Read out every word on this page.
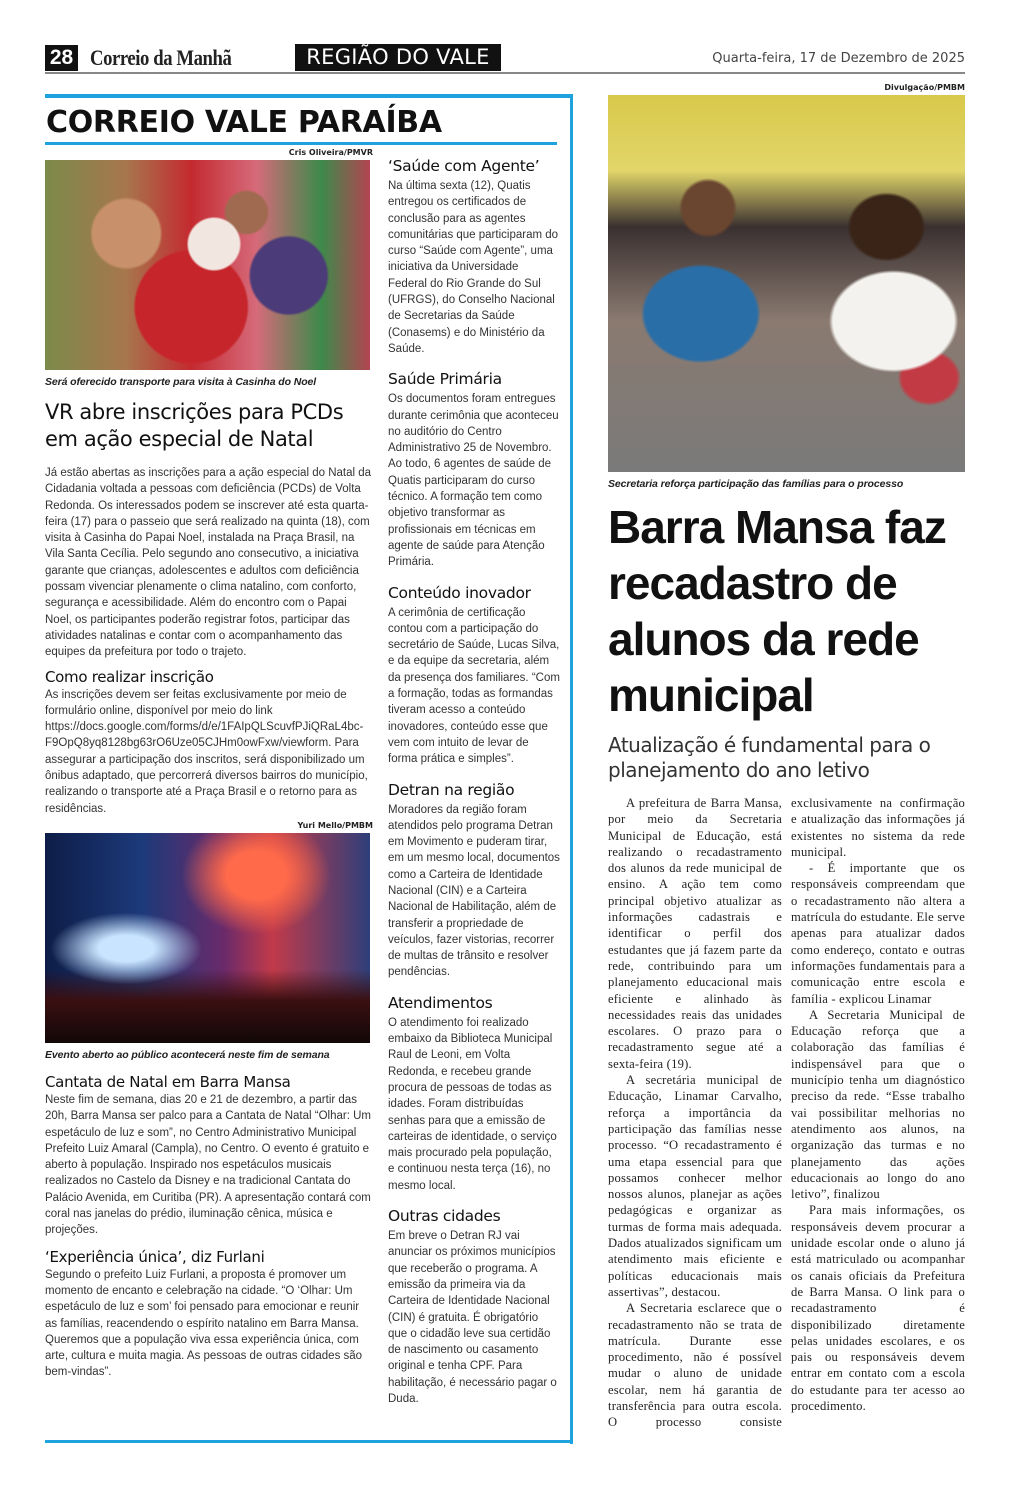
28 Correio da Manhã	REGIÃO DO VALE	Quarta-feira, 17 de Dezembro de 2025
CORREIO VALE PARAÍBA
Cris Oliveira/PMVR
Será oferecido transporte para visita à Casinha do Noel
VR abre inscrições para PCDs em ação especial de Natal

Já estão abertas as inscrições para a ação especial do Natal da Cidadania voltada a pessoas com deficiência (PCDs) de Volta Redonda. Os interessados podem se inscrever até esta quarta-feira (17) para o passeio que será realizado na quinta (18), com visita à Casinha do Papai Noel, instalada na Praça Brasil, na Vila Santa Cecília. Pelo segundo ano consecutivo, a iniciativa garante que crianças, adolescentes e adultos com deficiência possam vivenciar plenamente o clima natalino, com conforto, segurança e acessibilidade. Além do encontro com o Papai Noel, os participantes poderão registrar fotos, participar das atividades natalinas e contar com o acompanhamento das equipes da prefeitura por todo o trajeto.

Como realizar inscrição

As inscrições devem ser feitas exclusivamente por meio de formulário online, disponível por meio do link https://docs.google.com/forms/d/e/1FAIpQLScuvfPJiQRaL4bc-F9OpQ8yq8128bg63rO6Uze05CJHm0owFxw/viewform. Para assegurar a participação dos inscritos, será disponibilizado um ônibus adaptado, que percorrerá diversos bairros do município, realizando o transporte até a Praça Brasil e o retorno para as residências.

Yuri Mello/PMBM
Evento aberto ao público acontecerá neste fim de semana
Cantata de Natal em Barra Mansa

Neste fim de semana, dias 20 e 21 de dezembro, a partir das 20h, Barra Mansa ser palco para a Cantata de Natal “Olhar: Um espetáculo de luz e som”, no Centro Administrativo Municipal Prefeito Luiz Amaral (Campla), no Centro. O evento é gratuito e aberto à população. Inspirado nos espetáculos musicais realizados no Castelo da Disney e na tradicional Cantata do Palácio Avenida, em Curitiba (PR). A apresentação contará com coral nas janelas do prédio, iluminação cênica, música e projeções.

‘Experiência única’, diz Furlani

Segundo o prefeito Luiz Furlani, a proposta é promover um momento de encanto e celebração na cidade. “O ‘Olhar: Um espetáculo de luz e som’ foi pensado para emocionar e reunir as famílias, reacendendo o espírito natalino em Barra Mansa. Queremos que a população viva essa experiência única, com arte, cultura e muita magia. As pessoas de outras cidades são bem-vindas”.

‘Saúde com Agente’

Na última sexta (12), Quatis entregou os certificados de conclusão para as agentes comunitárias que participaram do curso “Saúde com Agente”, uma iniciativa da Universidade Federal do Rio Grande do Sul (UFRGS), do Conselho Nacional de Secretarias da Saúde (Conasems) e do Ministério da Saúde.

Saúde Primária

Os documentos foram entregues durante cerimônia que aconteceu no auditório do Centro Administrativo 25 de Novembro. Ao todo, 6 agentes de saúde de Quatis participaram do curso técnico. A formação tem como objetivo transformar as profissionais em técnicas em agente de saúde para Atenção Primária.

Conteúdo inovador

A cerimônia de certificação contou com a participação do secretário de Saúde, Lucas Silva, e da equipe da secretaria, além da presença dos familiares. “Com a formação, todas as formandas tiveram acesso a conteúdo inovadores, conteúdo esse que vem com intuito de levar de forma prática e simples”.

Detran na região

Moradores da região foram atendidos pelo programa Detran em Movimento e puderam tirar, em um mesmo local, documentos como a Carteira de Identidade Nacional (CIN) e a Carteira Nacional de Habilitação, além de transferir a propriedade de veículos, fazer vistorias, recorrer de multas de trânsito e resolver pendências.

Atendimentos

O atendimento foi realizado embaixo da Biblioteca Municipal Raul de Leoni, em Volta Redonda, e recebeu grande procura de pessoas de todas as idades. Foram distribuídas senhas para que a emissão de carteiras de identidade, o serviço mais procurado pela população, e continuou nesta terça (16), no mesmo local.

Outras cidades

Em breve o Detran RJ vai anunciar os próximos municípios que receberão o programa. A emissão da primeira via da Carteira de Identidade Nacional (CIN) é gratuita. É obrigatório que o cidadão leve sua certidão de nascimento ou casamento original e tenha CPF. Para habilitação, é necessário pagar o Duda.

Divulgação/PMBM
Secretaria reforça participação das famílias para o processo
Barra Mansa faz recadastro de alunos da rede municipal
Atualização é fundamental para o planejamento do ano letivo

A prefeitura de Barra Mansa, por meio da Secretaria Municipal de Educação, está realizando o recadastramento dos alunos da rede municipal de ensino. A ação tem como principal objetivo atualizar as informações cadastrais e identificar o perfil dos estudantes que já fazem parte da rede, contribuindo para um planejamento educacional mais eficiente e alinhado às necessidades reais das unidades escolares. O prazo para o recadastramento segue até a sexta-feira (19).

A secretária municipal de Educação, Linamar Carvalho, reforça a importância da participação das famílias nesse processo. “O recadastramento é uma etapa essencial para que possamos conhecer melhor nossos alunos, planejar as ações pedagógicas e organizar as turmas de forma mais adequada. Dados atualizados significam um atendimento mais eficiente e políticas educacionais mais assertivas”, destacou.

A Secretaria esclarece que o recadastramento não se trata de matrícula. Durante esse procedimento, não é possível mudar o aluno de unidade escolar, nem há garantia de transferência para outra escola. O processo consiste exclusivamente na confirmação e atualização das informações já existentes no sistema da rede municipal.

- É importante que os responsáveis compreendam que o recadastramento não altera a matrícula do estudante. Ele serve apenas para atualizar dados como endereço, contato e outras informações fundamentais para a comunicação entre escola e família - explicou Linamar

A Secretaria Municipal de Educação reforça que a colaboração das famílias é indispensável para que o município tenha um diagnóstico preciso da rede. “Esse trabalho vai possibilitar melhorias no atendimento aos alunos, na organização das turmas e no planejamento das ações educacionais ao longo do ano letivo”, finalizou

Para mais informações, os responsáveis devem procurar a unidade escolar onde o aluno já está matriculado ou acompanhar os canais oficiais da Prefeitura de Barra Mansa. O link para o recadastramento é disponibilizado diretamente pelas unidades escolares, e os pais ou responsáveis devem entrar em contato com a escola do estudante para ter acesso ao procedimento.
